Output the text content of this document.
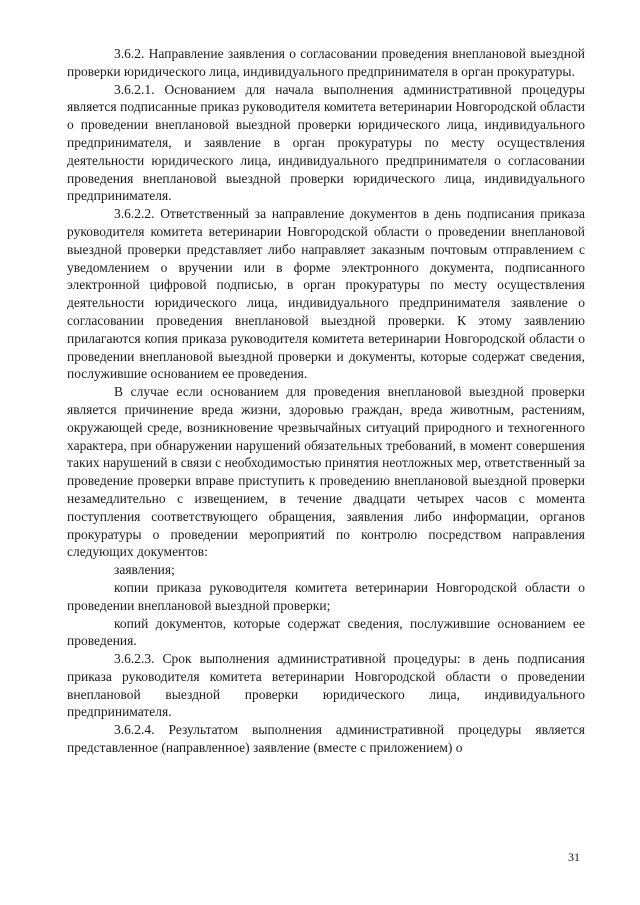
3.6.2. Направление заявления о согласовании проведения внеплановой выездной проверки юридического лица, индивидуального предпринимателя в орган прокуратуры.

3.6.2.1. Основанием для начала выполнения административной процедуры является подписанные приказ руководителя комитета ветеринарии Новгородской области о проведении внеплановой выездной проверки юридического лица, индивидуального предпринимателя, и заявление в орган прокуратуры по месту осуществления деятельности юридического лица, индивидуального предпринимателя о согласовании проведения внеплановой выездной проверки юридического лица, индивидуального предпринимателя.

3.6.2.2. Ответственный за направление документов в день подписания приказа руководителя комитета ветеринарии Новгородской области о проведении внеплановой выездной проверки представляет либо направляет заказным почтовым отправлением с уведомлением о вручении или в форме электронного документа, подписанного электронной цифровой подписью, в орган прокуратуры по месту осуществления деятельности юридического лица, индивидуального предпринимателя заявление о согласовании проведения внеплановой выездной проверки. К этому заявлению прилагаются копия приказа руководителя комитета ветеринарии Новгородской области о проведении внеплановой выездной проверки и документы, которые содержат сведения, послужившие основанием ее проведения.

В случае если основанием для проведения внеплановой выездной проверки является причинение вреда жизни, здоровью граждан, вреда животным, растениям, окружающей среде, возникновение чрезвычайных ситуаций природного и техногенного характера, при обнаружении нарушений обязательных требований, в момент совершения таких нарушений в связи с необходимостью принятия неотложных мер, ответственный за проведение проверки вправе приступить к проведению внеплановой выездной проверки незамедлительно с извещением, в течение двадцати четырех часов с момента поступления соответствующего обращения, заявления либо информации, органов прокуратуры о проведении мероприятий по контролю посредством направления следующих документов:

заявления;

копии приказа руководителя комитета ветеринарии Новгородской области о проведении внеплановой выездной проверки;

копий документов, которые содержат сведения, послужившие основанием ее проведения.

3.6.2.3. Срок выполнения административной процедуры: в день подписания приказа руководителя комитета ветеринарии Новгородской области о проведении внеплановой выездной проверки юридического лица, индивидуального предпринимателя.

3.6.2.4. Результатом выполнения административной процедуры является представленное (направленное) заявление (вместе с приложением) о

31
